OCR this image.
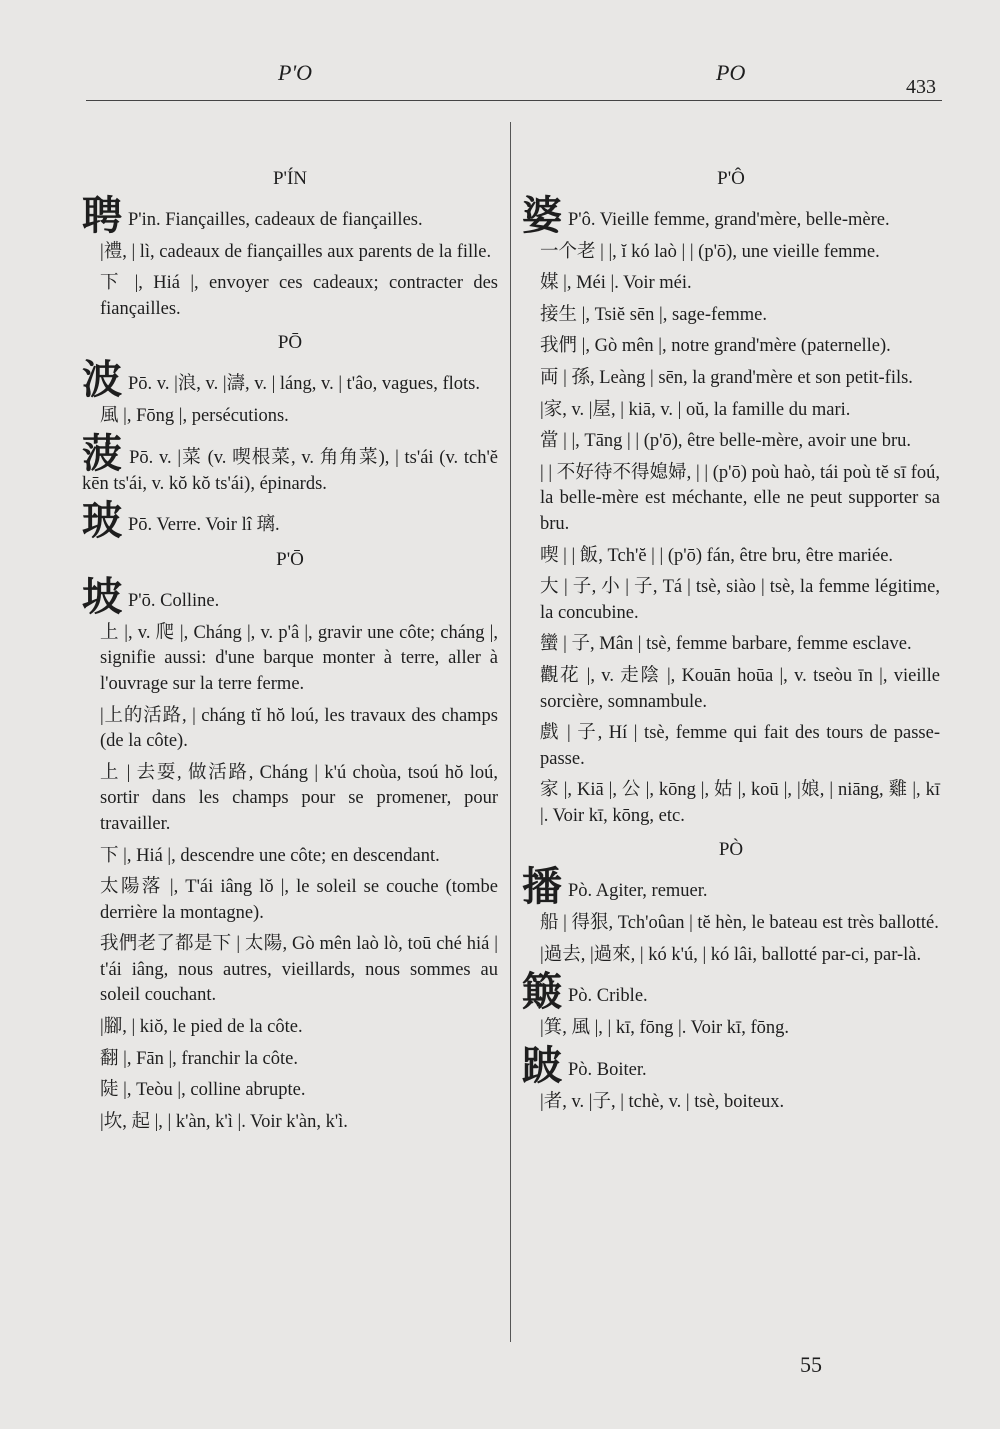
P'O	PO
433
P'ÍN
聘 P'in. Fiançailles, cadeaux de fiançailles.
|禮, | lì, cadeaux de fiançailles aux parents de la fille.
下 |, Hiá |, envoyer ces cadeaux; contracter des fiançailles.
PŌ
波 Pō. v. |浪, v. |濤, v. | láng, v. | t'âo, vagues, flots.
風 |, Fōng |, persécutions.
菠 Pō. v. |菜 (v. 喫根菜, v. 角角菜), | ts'ái (v. tch'ĕ kēn ts'ái, v. kŏ kŏ ts'ái), épinards.
玻 Pō. Verre. Voir lî 璃.
P'Ō
坡 P'ō. Colline.
上 |, v. 爬 |, Cháng |, v. p'â |, gravir une côte; cháng |, signifie aussi: d'une barque monter à terre, aller à l'ouvrage sur la terre ferme.
|上的活路, | cháng tĭ hŏ loú, les travaux des champs (de la côte).
上 | 去耍, 做活路, Cháng | k'ú choùa, tsoú hŏ loú, sortir dans les champs pour se promener, pour travailler.
下 |, Hiá |, descendre une côte; en descendant.
太陽落 |, T'ái iâng lŏ |, le soleil se couche (tombe derrière la montagne).
我們老了都是下 | 太陽, Gò mên laò lò, toū ché hiá | t'ái iâng, nous autres, vieillards, nous sommes au soleil couchant.
|腳, | kiŏ, le pied de la côte.
翻 |, Fān |, franchir la côte.
陡 |, Teòu |, colline abrupte.
|坎, 起 |, | k'àn, k'ì |. Voir k'àn, k'ì.
P'Ô
婆 P'ô. Vieille femme, grand'mère, belle-mère.
一个老 | |, ĭ kó laò | | (p'ō), une vieille femme.
媒 |, Méi |. Voir méi.
接生 |, Tsiĕ sēn |, sage-femme.
我們 |, Gò mên |, notre grand'mère (paternelle).
両 | 孫, Leàng | sēn, la grand'mère et son petit-fils.
|家, v. |屋, | kiā, v. | oŭ, la famille du mari.
當 | |, Tāng | | (p'ō), être belle-mère, avoir une bru.
| | 不好待不得媳婦, | | (p'ō) poù haò, tái poù tĕ sī foú, la belle-mère est méchante, elle ne peut supporter sa bru.
喫 | | 飯, Tch'ĕ | | (p'ō) fán, être bru, être mariée.
大 | 子, 小 | 子, Tá | tsè, siào | tsè, la femme légitime, la concubine.
蠻 | 子, Mân | tsè, femme barbare, femme esclave.
觀花 |, v. 走陰 |, Kouān hoūa |, v. tseòu īn |, vieille sorcière, somnambule.
戲 | 子, Hí | tsè, femme qui fait des tours de passe-passe.
家 |, Kiā |, 公 |, kōng |, 姑 |, koū |, |娘, | niāng, 雞 |, kī |. Voir kī, kōng, etc.
PÒ
播 Pò. Agiter, remuer.
船 | 得狠, Tch'oûan | tĕ hèn, le bateau est très ballotté.
|過去, |過來, | kó k'ú, | kó lâi, ballotté par-ci, par-là.
簸 Pò. Crible.
|箕, 風 |, | kī, fōng |. Voir kī, fōng.
跛 Pò. Boiter.
|者, v. |子, | tchè, v. | tsè, boiteux.
55
